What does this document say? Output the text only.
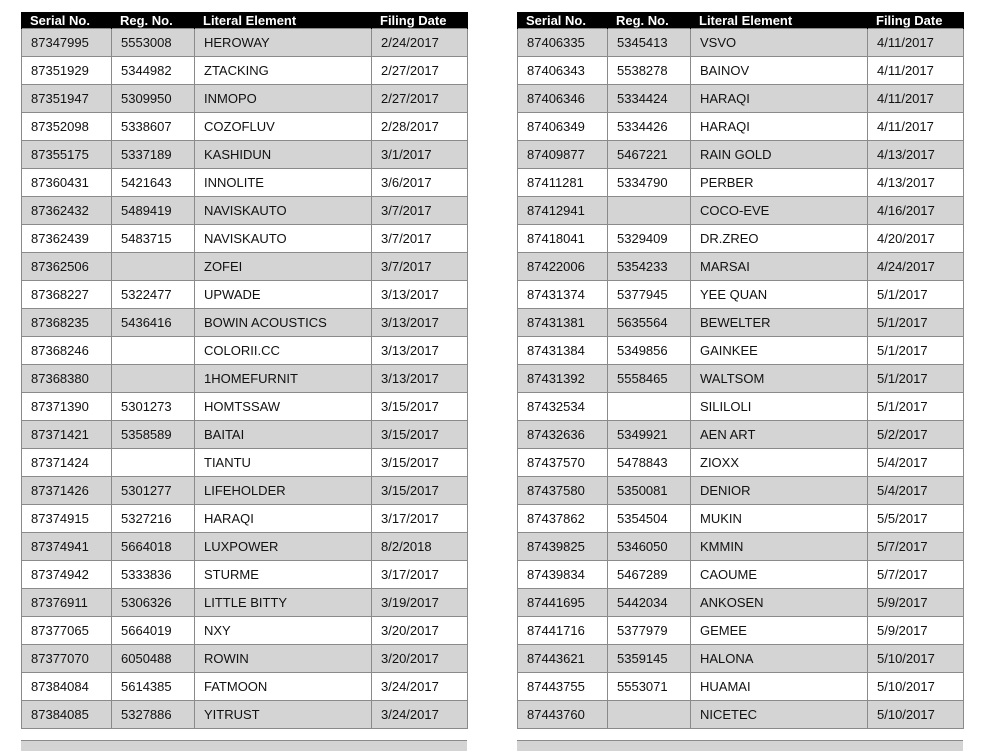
Serial No.	Reg. No.	Literal Element	Filing Date
87347995	5553008	HEROWAY	2/24/2017
87351929	5344982	ZTACKING	2/27/2017
87351947	5309950	INMOPO	2/27/2017
87352098	5338607	COZOFLUV	2/28/2017
87355175	5337189	KASHIDUN	3/1/2017
87360431	5421643	INNOLITE	3/6/2017
87362432	5489419	NAVISKAUTO	3/7/2017
87362439	5483715	NAVISKAUTO	3/7/2017
87362506		ZOFEI	3/7/2017
87368227	5322477	UPWADE	3/13/2017
87368235	5436416	BOWIN ACOUSTICS	3/13/2017
87368246		COLORII.CC	3/13/2017
87368380		1HOMEFURNIT	3/13/2017
87371390	5301273	HOMTSSAW	3/15/2017
87371421	5358589	BAITAI	3/15/2017
87371424		TIANTU	3/15/2017
87371426	5301277	LIFEHOLDER	3/15/2017
87374915	5327216	HARAQI	3/17/2017
87374941	5664018	LUXPOWER	8/2/2018
87374942	5333836	STURME	3/17/2017
87376911	5306326	LITTLE BITTY	3/19/2017
87377065	5664019	NXY	3/20/2017
87377070	6050488	ROWIN	3/20/2017
87384084	5614385	FATMOON	3/24/2017
87384085	5327886	YITRUST	3/24/2017
Serial No.	Reg. No.	Literal Element	Filing Date
87406335	5345413	VSVO	4/11/2017
87406343	5538278	BAINOV	4/11/2017
87406346	5334424	HARAQI	4/11/2017
87406349	5334426	HARAQI	4/11/2017
87409877	5467221	RAIN GOLD	4/13/2017
87411281	5334790	PERBER	4/13/2017
87412941		COCO-EVE	4/16/2017
87418041	5329409	DR.ZREO	4/20/2017
87422006	5354233	MARSAI	4/24/2017
87431374	5377945	YEE QUAN	5/1/2017
87431381	5635564	BEWELTER	5/1/2017
87431384	5349856	GAINKEE	5/1/2017
87431392	5558465	WALTSOM	5/1/2017
87432534		SILILOLI	5/1/2017
87432636	5349921	AEN ART	5/2/2017
87437570	5478843	ZIOXX	5/4/2017
87437580	5350081	DENIOR	5/4/2017
87437862	5354504	MUKIN	5/5/2017
87439825	5346050	KMMIN	5/7/2017
87439834	5467289	CAOUME	5/7/2017
87441695	5442034	ANKOSEN	5/9/2017
87441716	5377979	GEMEE	5/9/2017
87443621	5359145	HALONA	5/10/2017
87443755	5553071	HUAMAI	5/10/2017
87443760		NICETEC	5/10/2017
